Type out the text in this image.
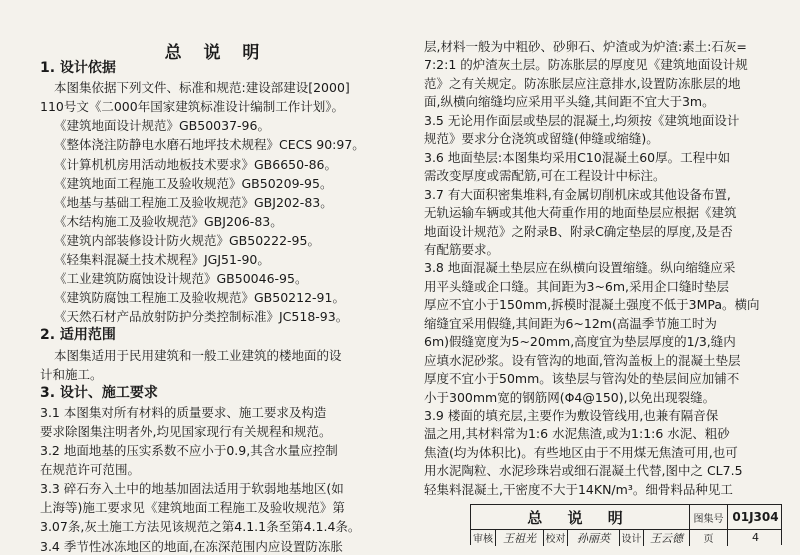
总 说 明
1. 设计依据
本图集依据下列文件、标准和规范:建设部建设[2000]
110号文《二000年国家建筑标准设计编制工作计划》。
《建筑地面设计规范》GB50037-96。
《整体浇注防静电水磨石地坪技术规程》CECS 90:97。
《计算机机房用活动地板技术要求》GB6650-86。
《建筑地面工程施工及验收规范》GB50209-95。
《地基与基础工程施工及验收规范》GBJ202-83。
《木结构施工及验收规范》GBJ206-83。
《建筑内部装修设计防火规范》GB50222-95。
《轻集料混凝土技术规程》JGJ51-90。
《工业建筑防腐蚀设计规范》GB50046-95。
《建筑防腐蚀工程施工及验收规范》GB50212-91。
《天然石材产品放射防护分类控制标准》JC518-93。
2. 适用范围
本图集适用于民用建筑和一般工业建筑的楼地面的设
计和施工。
3. 设计、施工要求
3.1 本图集对所有材料的质量要求、施工要求及构造
要求除图集注明者外,均见国家现行有关规程和规范。
3.2 地面地基的压实系数不应小于0.9,其含水量应控制
在规范许可范围。
3.3 碎石夯入土中的地基加固法适用于软弱地基地区(如
上海等)施工要求见《建筑地面工程施工及验收规范》第
3.07条,灰土施工方法见该规范之第4.1.1条至第4.1.4条。
3.4 季节性冰冻地区的地面,在冻深范围内应设置防冻胀
层,材料一般为中粗砂、砂卵石、炉渣或为炉渣:素土:石灰=
7:2:1 的炉渣灰土层。防冻胀层的厚度见《建筑地面设计规
范》之有关规定。防冻胀层应注意排水,设置防冻胀层的地
面,纵横向缩缝均应采用平头缝,其间距不宜大于3m。
3.5 无论用作面层或垫层的混凝土,均须按《建筑地面设计
规范》要求分仓浇筑或留缝(伸缝或缩缝)。
3.6 地面垫层:本图集均采用C10混凝土60厚。工程中如
需改变厚度或需配筋,可在工程设计中标注。
3.7 有大面积密集堆料,有金属切削机床或其他设备布置,
无轨运输车辆或其他大荷重作用的地面垫层应根据《建筑
地面设计规范》之附录B、附录C确定垫层的厚度,及是否
有配筋要求。
3.8 地面混凝土垫层应在纵横向设置缩缝。纵向缩缝应采
用平头缝或企口缝。其间距为3~6m,采用企口缝时垫层
厚应不宜小于150mm,拆模时混凝土强度不低于3MPa。横向
缩缝宜采用假缝,其间距为6~12m(高温季节施工时为
6m)假缝宽度为5~20mm,高度宜为垫层厚度的1/3,缝内
应填水泥砂浆。设有管沟的地面,管沟盖板上的混凝土垫层
厚度不宜小于50mm。该垫层与管沟处的垫层间应加铺不
小于300mm宽的钢筋网(Φ4@150),以免出现裂缝。
3.9 楼面的填充层,主要作为敷设管线用,也兼有隔音保
温之用,其材料常为1:6 水泥焦渣,或为1:1:6 水泥、粗砂
焦渣(均为体积比)。有些地区由于不用煤无焦渣可用,也可
用水泥陶粒、水泥珍珠岩或细石混凝土代替,图中之 CL7.5
轻集料混凝土,干密度不大于14KN/m³。细骨料品种见工
总 说 明	图集号 01J304
审核 王祖光 校对	孙丽英	设计 王云德	页	4
